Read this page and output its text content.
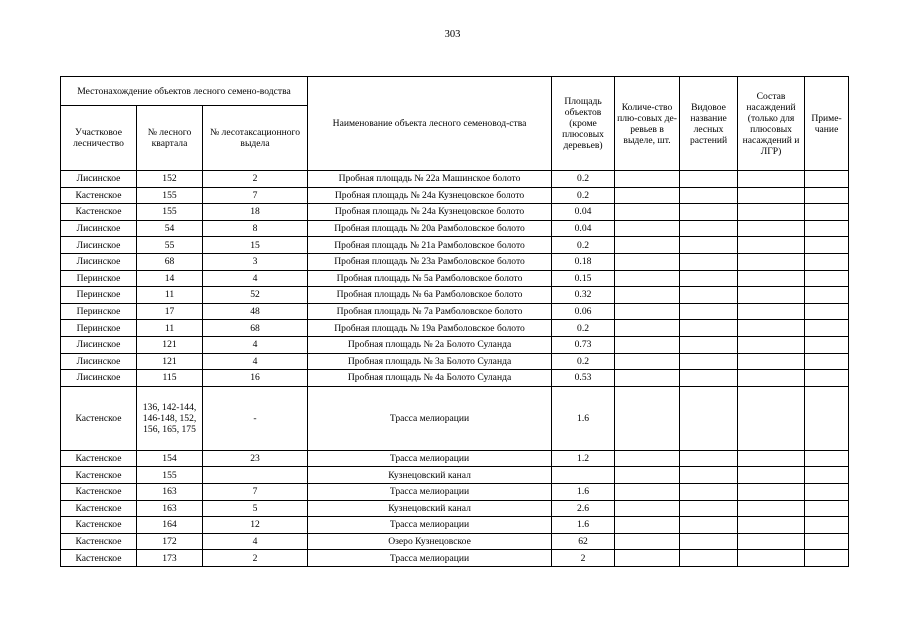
303
Местонахождение объектов лесного семено-водства			Наименование объекта лесного семеновод-ства	Площадь объектов (кроме плюсовых деревьев)	Количе-ство плю-совых де-ревьев в выделе, шт.	Видовое название лесных растений	Состав насаждений (только для плюсовых насаждений и ЛГР)	Приме-чание
Участковое лесничество	№ лесного квартала	№ лесотаксационного выдела						
Лисинское	152	2	Пробная площадь № 22а Машинское болото	0.2				
Кастенское	155	7	Пробная площадь № 24а Кузнецовское болото	0.2				
Кастенское	155	18	Пробная площадь № 24а Кузнецовское болото	0.04				
Лисинское	54	8	Пробная площадь № 20а Рамболовское болото	0.04				
Лисинское	55	15	Пробная площадь № 21а Рамболовское болото	0.2				
Лисинское	68	3	Пробная площадь № 23а Рамболовское болото	0.18				
Перинское	14	4	Пробная площадь № 5а Рамболовское болото	0.15				
Перинское	11	52	Пробная площадь № 6а Рамболовское болото	0.32				
Перинское	17	48	Пробная площадь № 7а Рамболовское болото	0.06				
Перинское	11	68	Пробная площадь № 19а Рамболовское болото	0.2				
Лисинское	121	4	Пробная площадь № 2а Болото Суланда	0.73				
Лисинское	121	4	Пробная площадь № 3а Болото Суланда	0.2				
Лисинское	115	16	Пробная площадь № 4а Болото Суланда	0.53				
Кастенское	136, 142-144, 146-148, 152, 156, 165, 175	-	Трасса мелиорации	1.6				
Кастенское	154	23	Трасса мелиорации	1.2				
Кастенское	155		Кузнецовский канал					
Кастенское	163	7	Трасса мелиорации	1.6				
Кастенское	163	5	Кузнецовский канал	2.6				
Кастенское	164	12	Трасса мелиорации	1.6				
Кастенское	172	4	Озеро Кузнецовское	62				
Кастенское	173	2	Трасса мелиорации	2				
